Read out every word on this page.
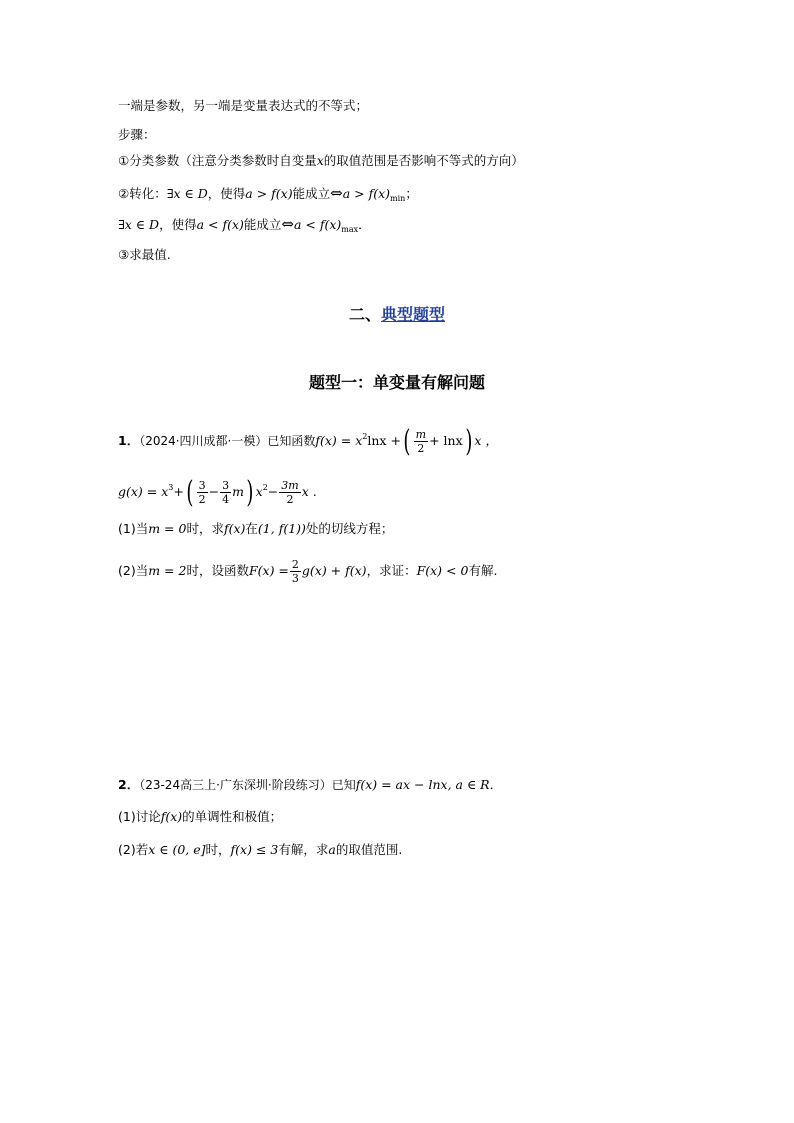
一端是参数，另一端是变量表达式的不等式；
步骤：
①分类参数（注意分类参数时自变量x的取值范围是否影响不等式的方向）
②转化：∃x ∈ D，使得a > f(x)能成立⇔a > $f(x)_{min}$；
∃x ∈ D，使得a < f(x)能成立⇔a < $f(x)_{max}$．
③求最值.
二、典型题型
题型一：单变量有解问题
1．（2024·四川成都·一模）已知函数$f(x) = x^2\ln x$ +( $\frac{m}{2} + \ln x$) x ，
$g(x) = x^3+( \frac{3}{2} - \frac{3}{4} m)$ $x^2- \frac{3m}{2}$ x .
(1)当m = 0时，求f(x)在(1, f(1))处的切线方程；
(2)当m = 2时，设函数$F(x) = \frac{2}{3} g(x) + f(x)$，求证：F(x) < 0有解.
2．（23-24高三上·广东深圳·阶段练习）已知f(x) = ax − lnx, a ∈ R．
(1)讨论f(x)的单调性和极值；
(2)若x ∈ (0, e]时，f(x) ≤ 3有解，求a的取值范围.
